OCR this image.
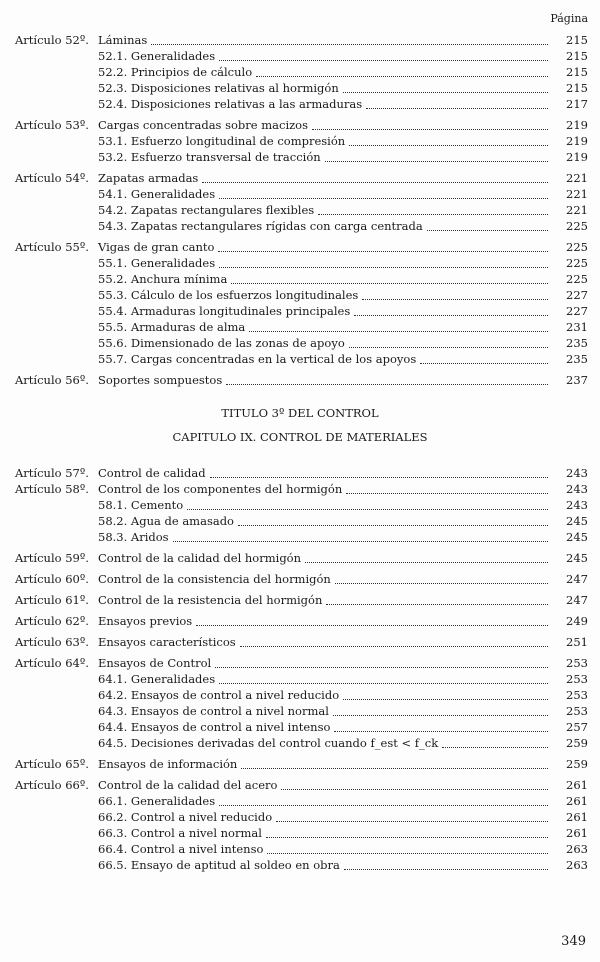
Página
Artículo 52º. Láminas	215
52.1. Generalidades	215
52.2. Principios de cálculo	215
52.3. Disposiciones relativas al hormigón	215
52.4. Disposiciones relativas a las armaduras	217
Artículo 53º. Cargas concentradas sobre macizos	219
53.1. Esfuerzo longitudinal de compresión	219
53.2. Esfuerzo transversal de tracción	219
Artículo 54º. Zapatas armadas	221
54.1. Generalidades	221
54.2. Zapatas rectangulares flexibles	221
54.3. Zapatas rectangulares rígidas con carga centrada	225
Artículo 55º. Vigas de gran canto	225
55.1. Generalidades	225
55.2. Anchura mínima	225
55.3. Cálculo de los esfuerzos longitudinales	227
55.4. Armaduras longitudinales principales	227
55.5. Armaduras de alma	231
55.6. Dimensionado de las zonas de apoyo	235
55.7. Cargas concentradas en la vertical de los apoyos	235
Artículo 56º. Soportes sompuestos	237
TITULO 3º DEL CONTROL
CAPITULO IX. CONTROL DE MATERIALES
Artículo 57º. Control de calidad	243
Artículo 58º. Control de los componentes del hormigón	243
58.1. Cemento	243
58.2. Agua de amasado	245
58.3. Aridos	245
Artículo 59º. Control de la calidad del hormigón	245
Artículo 60º. Control de la consistencia del hormigón	247
Artículo 61º. Control de la resistencia del hormigón	247
Artículo 62º. Ensayos previos	249
Artículo 63º. Ensayos característicos	251
Artículo 64º. Ensayos de Control	253
64.1. Generalidades	253
64.2. Ensayos de control a nivel reducido	253
64.3. Ensayos de control a nivel normal	253
64.4. Ensayos de control a nivel intenso	257
64.5. Decisiones derivadas del control cuando f_est < f_ck	259
Artículo 65º. Ensayos de información	259
Artículo 66º. Control de la calidad del acero	261
66.1. Generalidades	261
66.2. Control a nivel reducido	261
66.3. Control a nivel normal	261
66.4. Control a nivel intenso	263
66.5. Ensayo de aptitud al soldeo en obra	263
349
